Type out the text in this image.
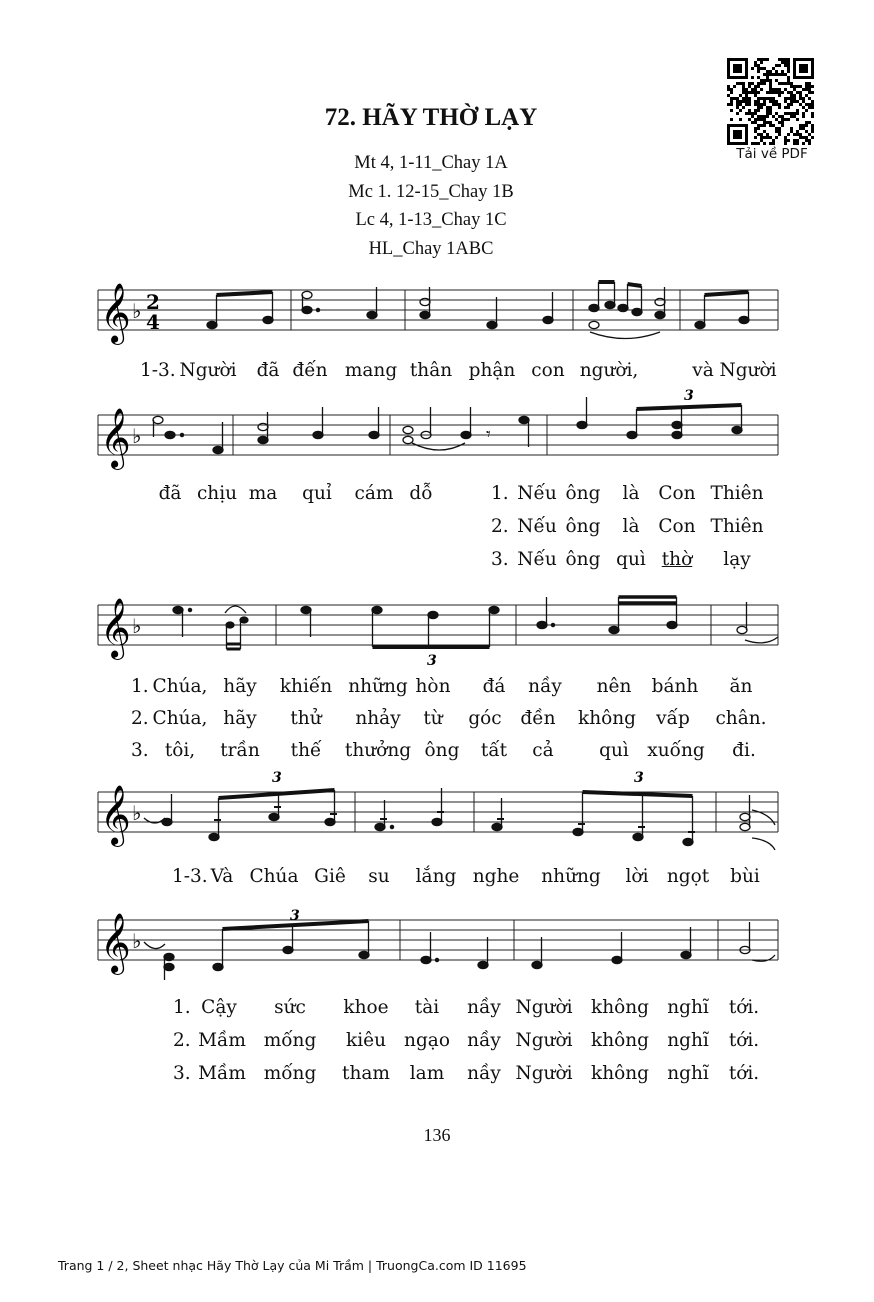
72. HÃY THỜ LẠY
Mt 4, 1-11_Chay 1A
Mc 1. 12-15_Chay 1B
Lc 4, 1-13_Chay 1C
HL_Chay 1ABC
Tải về PDF
𝄞 ♭ 2
4
1-3. Người đã đến mang thân phận con người,	và Người
𝄞 ♭
3
𝄾
đã chịu ma quỉ cám dỗ	1. Nếu ông là Con Thiên
2. Nếu ông là Con Thiên
3. Nếu ông quì thờ lạy
𝄞 ♭
3
1. Chúa, hãy khiến những hòn đá nầy nên bánh ăn
2. Chúa, hãy thử nhảy từ góc đền không vấp chân.
3. tôi, trần thế thưởng ông tất cả quì xuống đi.
𝄞 ♭
3	3
1-3. Và Chúa Giê su lắng nghe những lời ngọt bùi
𝄞 ♭
3
1. Cậy sức khoe tài nầy Người không nghĩ tới.
2. Mầm mống kiêu ngạo nầy Người không nghĩ tới.
3. Mầm mống tham lam nầy Người không nghĩ tới.
136
Trang 1 / 2, Sheet nhạc Hãy Thờ Lạy của Mi Trầm | TruongCa.com ID 11695
